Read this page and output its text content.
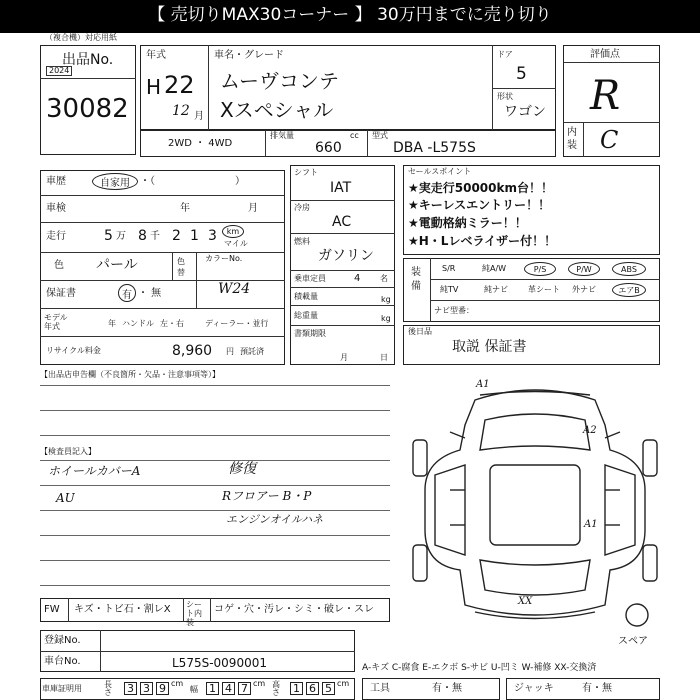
【 売切りMAX30コーナー 】 30万円までに売り切り
（複合機）対応用紙
出品No.
2024
30082
年式
H 22
12 月
車名・グレード
ムーヴコンテ
Xスペシャル
ドア
5
形状
ワゴン
評価点
R
内装 C
2WD ・ 4WD
排気量	cc
660
型式
DBA -L575S
車歴	自家用	・（　　　　　　　　）
車検	年	月
走行	5 万 8 千 2 1 3	km
マイル
色 パール	色替
カラーNo.
W24
保証書	有 ・ 無
モデル年式	年 ハンドル 左・右	ディーラー・並行
リサイクル料金	8,960 円 預託済
【出品店申告欄（不良箇所・欠品・注意事項等）】
シフト
IAT
冷房
AC
燃料
ガソリン
乗車定員	4 名
積載量	kg
総重量	kg
書類期限
月	日
セールスポイント
★実走行50000km台！！
★キーレスエントリー！！
★電動格納ミラー！！
★H・Lレベライザー付！！
装備
S/R	純A/W	P/S	P/W	ABS
純TV	純ナビ	革シート 外ナビ	エアB
ナビ型番：
後日品
取説 保証書
【検査員記入】
ホイールカバーA
AU
修復
Rフロアー B・P
エンジンオイルハネ
A1
A2
A1
XX
スペア
FW キズ・トビ石・割レX シート内装
コゲ・穴・汚レ・シミ・破レ・スレ
登録No.
車台No.	L575S-0090001	A-キズ C-腐食 E-エクボ S-サビ U-凹ミ W-補修 XX-交換済
車庫証明用	長さ 3 3 9 cm
幅 1 4 7 cm 高さ 1 6 5 cm 工具	有・無	ジャッキ	有・無
